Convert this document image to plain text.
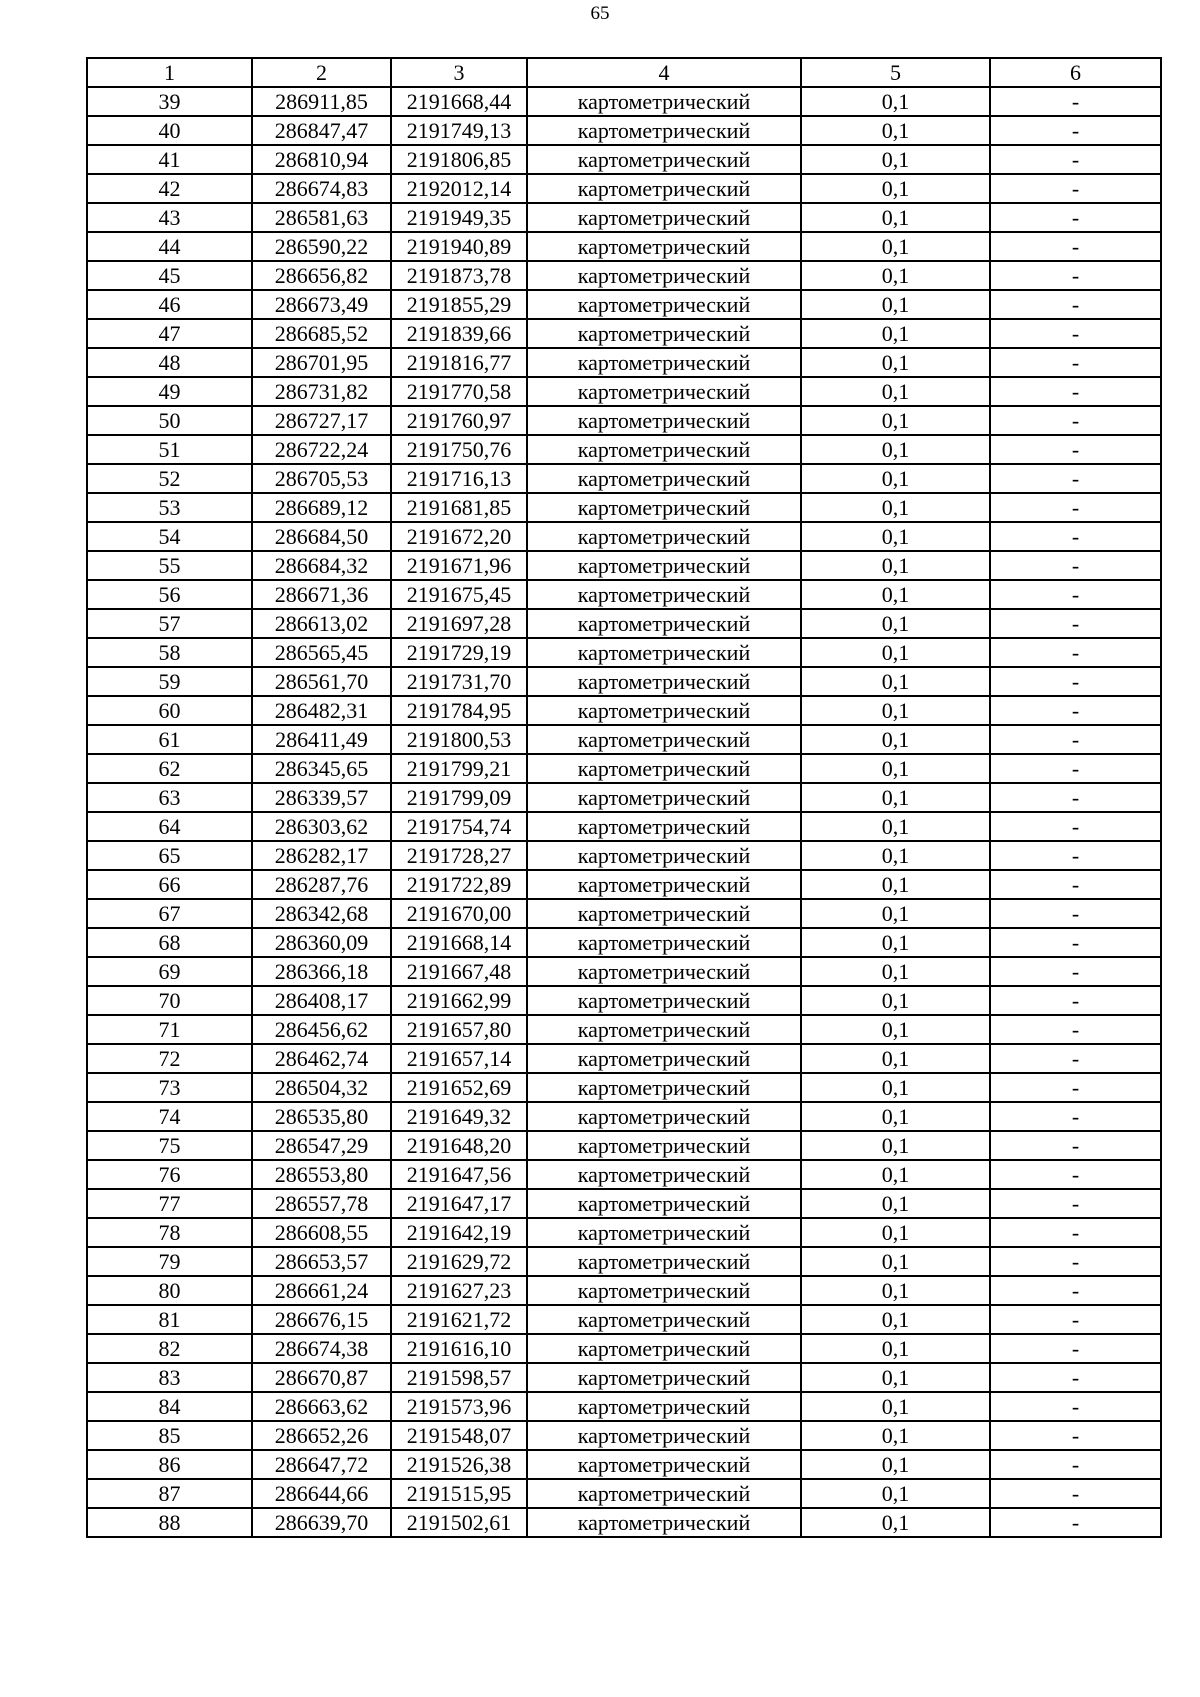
65
1	2	3	4	5	6
39	286911,85	2191668,44	картометрический	0,1	-
40	286847,47	2191749,13	картометрический	0,1	-
41	286810,94	2191806,85	картометрический	0,1	-
42	286674,83	2192012,14	картометрический	0,1	-
43	286581,63	2191949,35	картометрический	0,1	-
44	286590,22	2191940,89	картометрический	0,1	-
45	286656,82	2191873,78	картометрический	0,1	-
46	286673,49	2191855,29	картометрический	0,1	-
47	286685,52	2191839,66	картометрический	0,1	-
48	286701,95	2191816,77	картометрический	0,1	-
49	286731,82	2191770,58	картометрический	0,1	-
50	286727,17	2191760,97	картометрический	0,1	-
51	286722,24	2191750,76	картометрический	0,1	-
52	286705,53	2191716,13	картометрический	0,1	-
53	286689,12	2191681,85	картометрический	0,1	-
54	286684,50	2191672,20	картометрический	0,1	-
55	286684,32	2191671,96	картометрический	0,1	-
56	286671,36	2191675,45	картометрический	0,1	-
57	286613,02	2191697,28	картометрический	0,1	-
58	286565,45	2191729,19	картометрический	0,1	-
59	286561,70	2191731,70	картометрический	0,1	-
60	286482,31	2191784,95	картометрический	0,1	-
61	286411,49	2191800,53	картометрический	0,1	-
62	286345,65	2191799,21	картометрический	0,1	-
63	286339,57	2191799,09	картометрический	0,1	-
64	286303,62	2191754,74	картометрический	0,1	-
65	286282,17	2191728,27	картометрический	0,1	-
66	286287,76	2191722,89	картометрический	0,1	-
67	286342,68	2191670,00	картометрический	0,1	-
68	286360,09	2191668,14	картометрический	0,1	-
69	286366,18	2191667,48	картометрический	0,1	-
70	286408,17	2191662,99	картометрический	0,1	-
71	286456,62	2191657,80	картометрический	0,1	-
72	286462,74	2191657,14	картометрический	0,1	-
73	286504,32	2191652,69	картометрический	0,1	-
74	286535,80	2191649,32	картометрический	0,1	-
75	286547,29	2191648,20	картометрический	0,1	-
76	286553,80	2191647,56	картометрический	0,1	-
77	286557,78	2191647,17	картометрический	0,1	-
78	286608,55	2191642,19	картометрический	0,1	-
79	286653,57	2191629,72	картометрический	0,1	-
80	286661,24	2191627,23	картометрический	0,1	-
81	286676,15	2191621,72	картометрический	0,1	-
82	286674,38	2191616,10	картометрический	0,1	-
83	286670,87	2191598,57	картометрический	0,1	-
84	286663,62	2191573,96	картометрический	0,1	-
85	286652,26	2191548,07	картометрический	0,1	-
86	286647,72	2191526,38	картометрический	0,1	-
87	286644,66	2191515,95	картометрический	0,1	-
88	286639,70	2191502,61	картометрический	0,1	-
